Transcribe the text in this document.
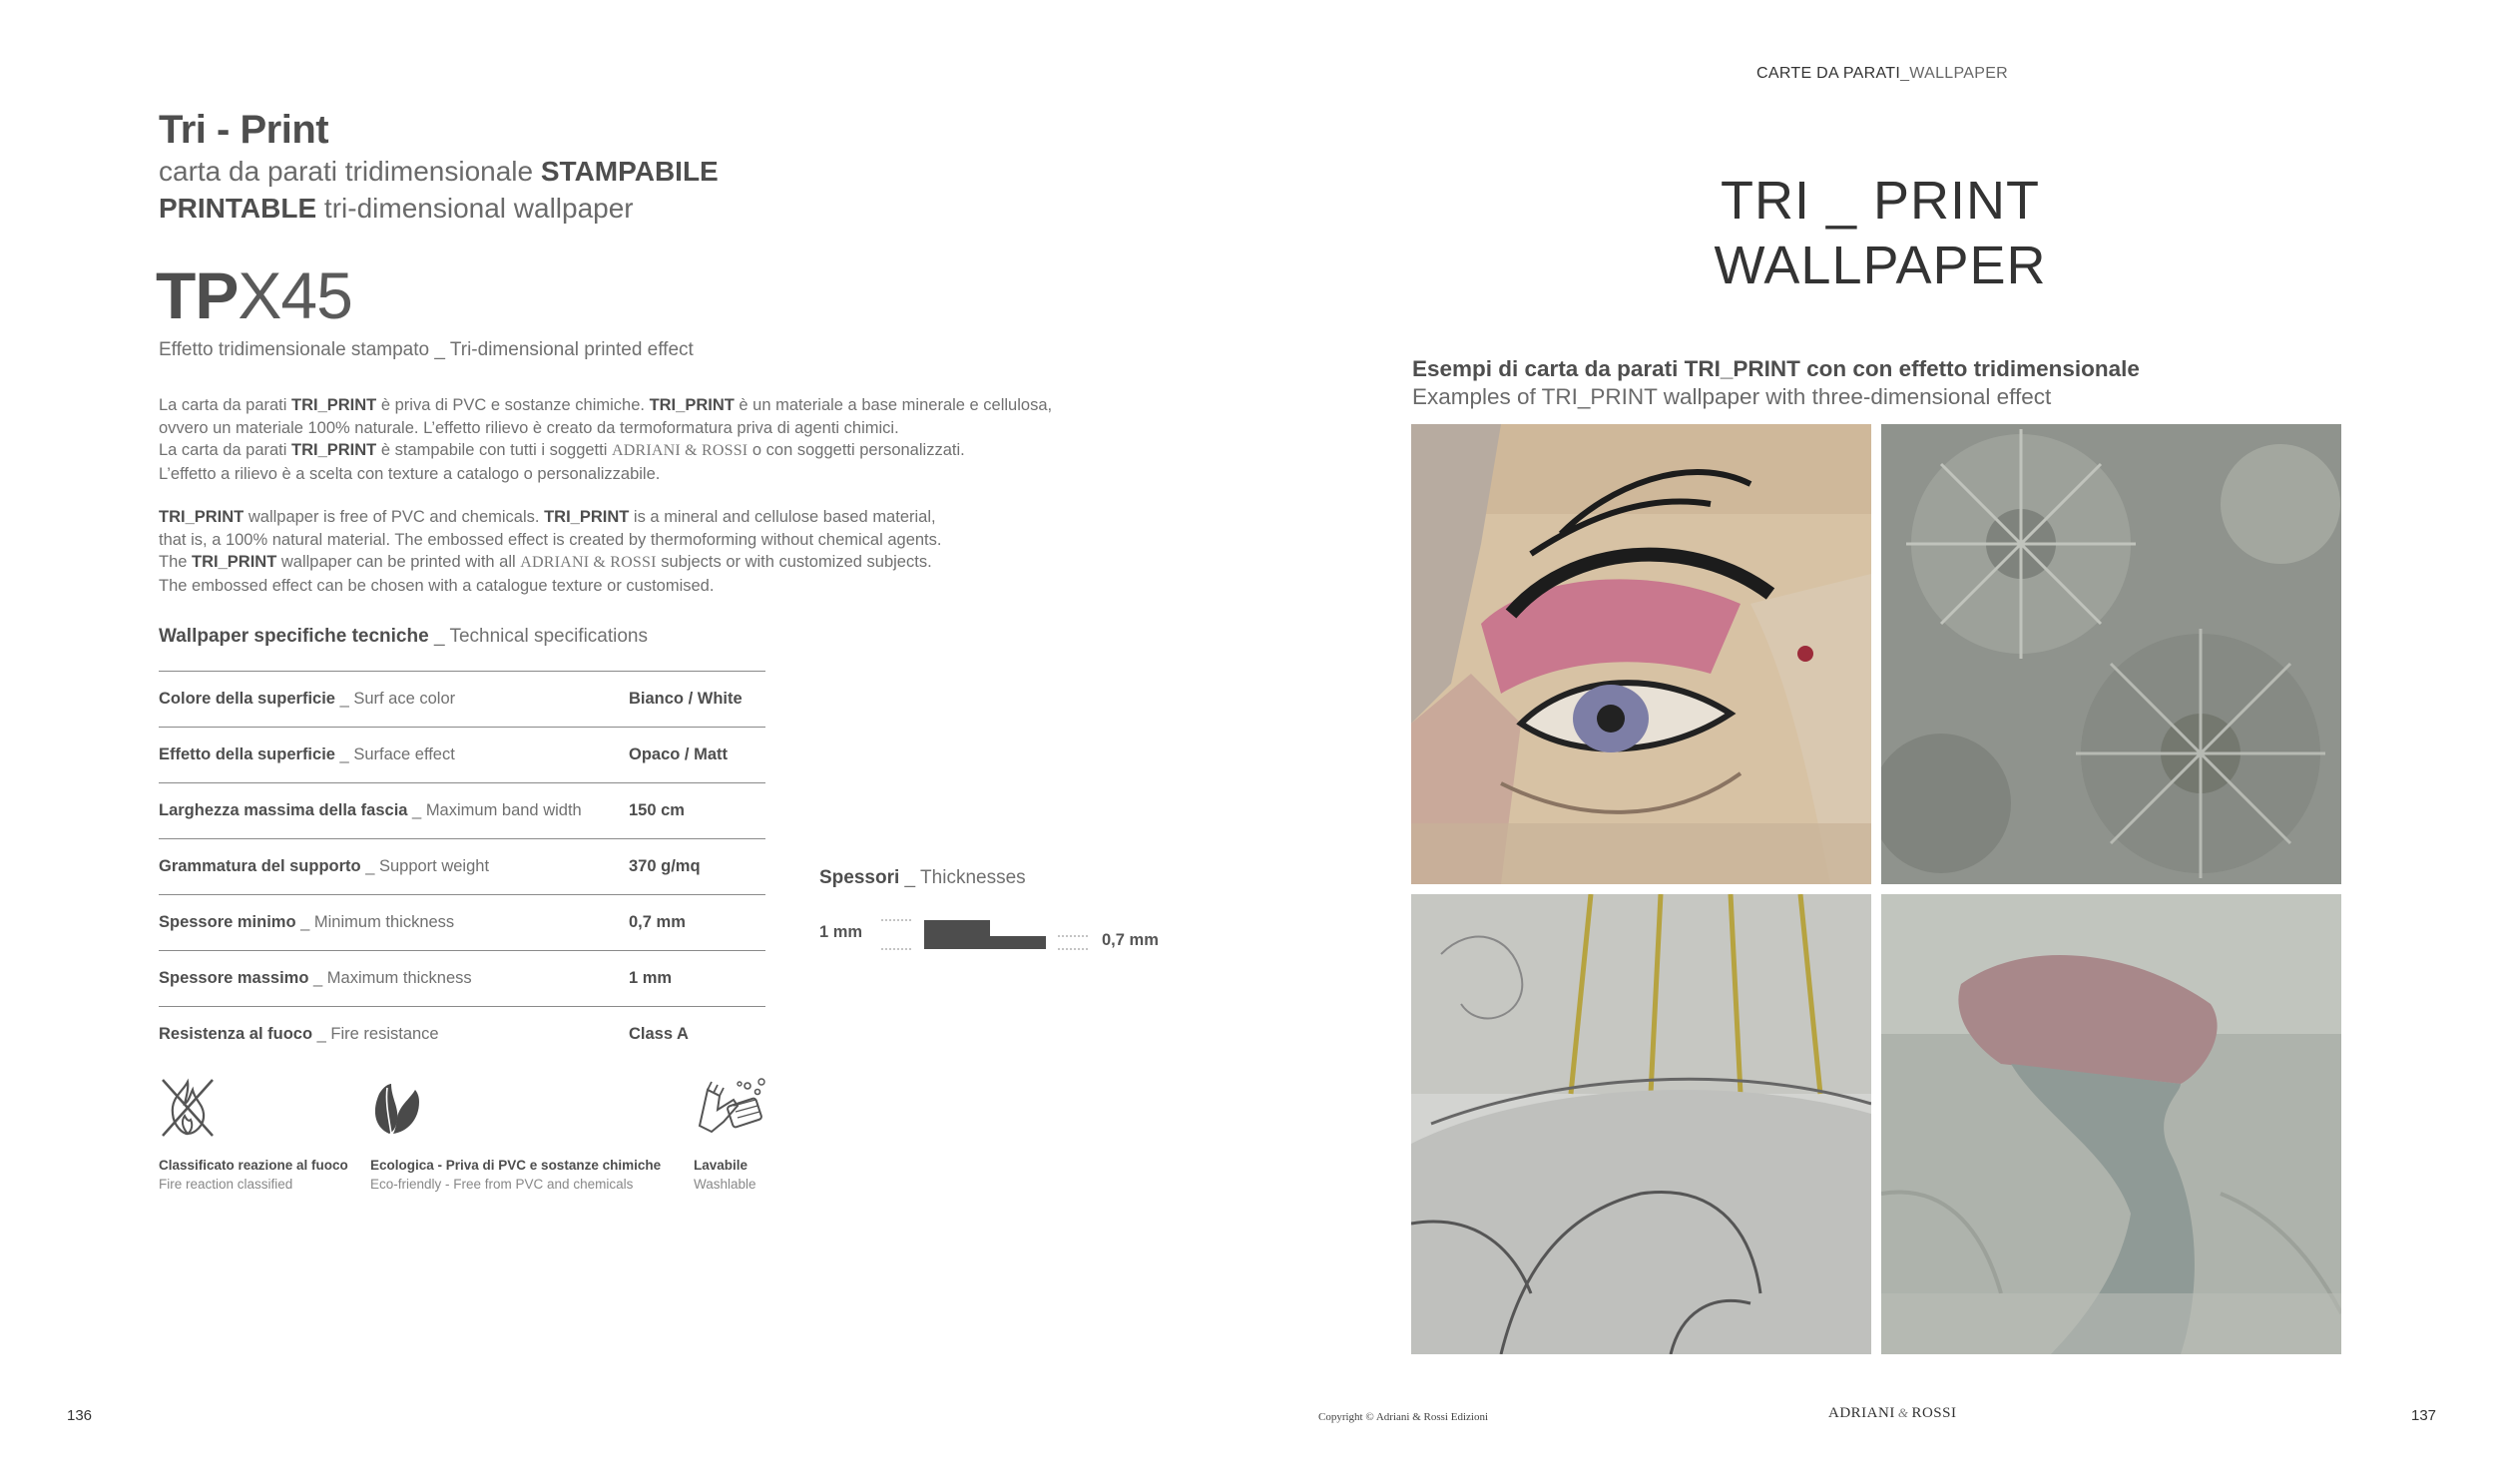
Tri - Print
carta da parati tridimensionale STAMPABILE
PRINTABLE tri-dimensional wallpaper
TPX45
Effetto tridimensionale stampato _ Tri-dimensional printed effect
La carta da parati TRI_PRINT è priva di PVC e sostanze chimiche. TRI_PRINT è un materiale a base minerale e cellulosa,
ovvero un materiale 100% naturale. L’effetto rilievo è creato da termoformatura priva di agenti chimici.
La carta da parati TRI_PRINT è stampabile con tutti i soggetti ADRIANI & ROSSI o con soggetti personalizzati.
L’effetto a rilievo è a scelta con texture a catalogo o personalizzabile.
TRI_PRINT wallpaper is free of PVC and chemicals. TRI_PRINT is a mineral and cellulose based material,
that is, a 100% natural material. The embossed effect is created by thermoforming without chemical agents.
The TRI_PRINT wallpaper can be printed with all ADRIANI & ROSSI subjects or with customized subjects.
The embossed effect can be chosen with a catalogue texture or customised.
Wallpaper specifiche tecniche _ Technical specifications
Colore della superficie _ Surf ace color	Bianco / White
Effetto della superficie _ Surface effect	Opaco / Matt
Larghezza massima della fascia _ Maximum band width	150 cm
Grammatura del supporto _ Support weight	370 g/mq
Spessore minimo _ Minimum thickness	0,7 mm
Spessore massimo _ Maximum thickness	1 mm
Resistenza al fuoco _ Fire resistance	Class A
Spessori _ Thicknesses
1 mm	0,7 mm
Classificato reazione al fuoco
Fire reaction classified
Ecologica - Priva di PVC e sostanze chimiche
Eco-friendly - Free from PVC and chemicals
Lavabile
Washlable
136
CARTE DA PARATI_WALLPAPER
TRI _ PRINT
WALLPAPER
Esempi di carta da parati TRI_PRINT con con effetto tridimensionale
Examples of TRI_PRINT wallpaper with three-dimensional effect
Copyright © Adriani & Rossi Edizioni	ADRIANI & ROSSI	137
